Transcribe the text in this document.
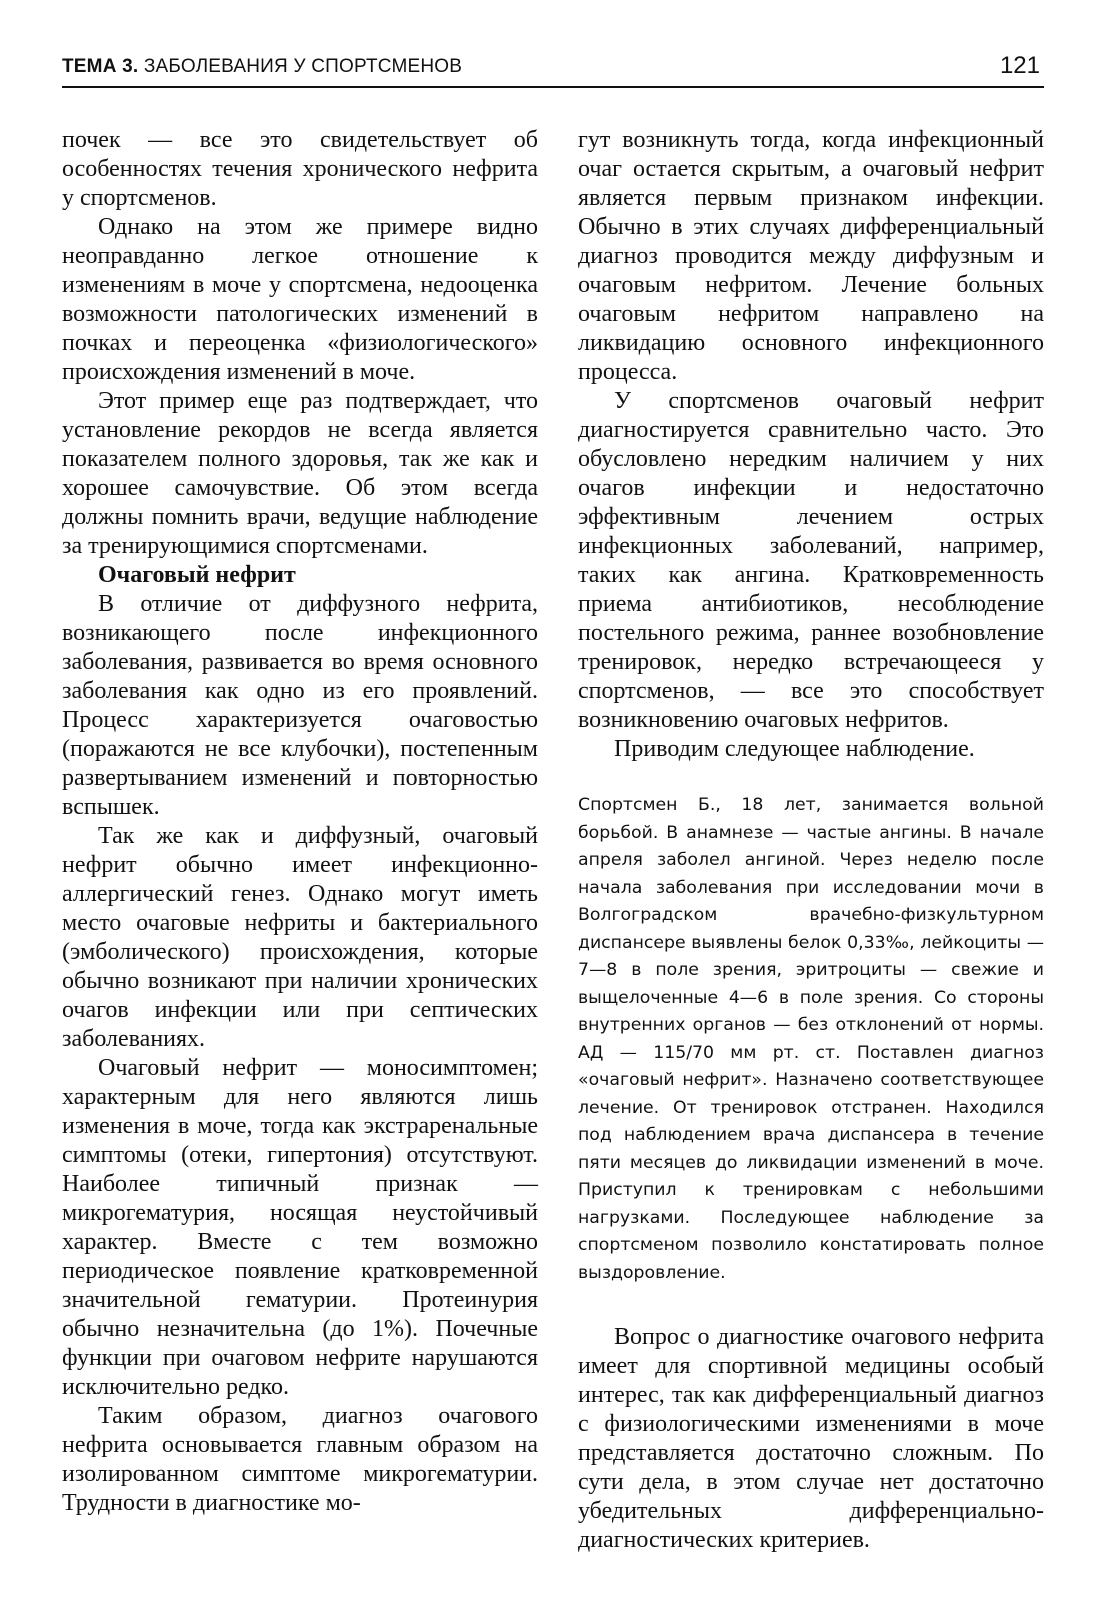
ТЕМА 3. ЗАБОЛЕВАНИЯ У СПОРТСМЕНОВ	121

почек — все это свидетельствует об особенностях течения хронического нефрита у спортсменов.

Однако на этом же примере видно неоправданно легкое отношение к изменениям в моче у спортсмена, недооценка возможности патологических изменений в почках и переоценка «физиологического» происхождения изменений в моче.

Этот пример еще раз подтверждает, что установление рекордов не всегда является показателем полного здоровья, так же как и хорошее самочувствие. Об этом всегда должны помнить врачи, ведущие наблюдение за тренирующимися спортсменами.

Очаговый нефрит

В отличие от диффузного нефрита, возникающего после инфекционного заболевания, развивается во время основного заболевания как одно из его проявлений. Процесс характеризуется очаговостью (поражаются не все клубочки), постепенным развертыванием изменений и повторностью вспышек.

Так же как и диффузный, очаговый нефрит обычно имеет инфекционно-аллергический генез. Однако могут иметь место очаговые нефриты и бактериального (эмболического) происхождения, которые обычно возникают при наличии хронических очагов инфекции или при септических заболеваниях.

Очаговый нефрит — моносимптомен; характерным для него являются лишь изменения в моче, тогда как экстраренальные симптомы (отеки, гипертония) отсутствуют. Наиболее типичный признак — микрогематурия, носящая неустойчивый характер. Вместе с тем возможно периодическое появление кратковременной значительной гематурии. Протеинурия обычно незначительна (до 1%). Почечные функции при очаговом нефрите нарушаются исключительно редко.

Таким образом, диагноз очагового нефрита основывается главным образом на изолированном симптоме микрогематурии. Трудности в диагностике мо-

гут возникнуть тогда, когда инфекционный очаг остается скрытым, а очаговый нефрит является первым признаком инфекции. Обычно в этих случаях дифференциальный диагноз проводится между диффузным и очаговым нефритом. Лечение больных очаговым нефритом направлено на ликвидацию основного инфекционного процесса.

У спортсменов очаговый нефрит диагностируется сравнительно часто. Это обусловлено нередким наличием у них очагов инфекции и недостаточно эффективным лечением острых инфекционных заболеваний, например, таких как ангина. Кратковременность приема антибиотиков, несоблюдение постельного режима, раннее возобновление тренировок, нередко встречающееся у спортсменов, — все это способствует возникновению очаговых нефритов.

Приводим следующее наблюдение.

Спортсмен Б., 18 лет, занимается вольной борьбой. В анамнезе — частые ангины. В начале апреля заболел ангиной. Через неделю после начала заболевания при исследовании мочи в Волгоградском врачебно-физкультурном диспансере выявлены белок 0,33‰, лейкоциты — 7—8 в поле зрения, эритроциты — свежие и выщелоченные 4—6 в поле зрения. Со стороны внутренних органов — без отклонений от нормы. АД — 115/70 мм рт. ст. Поставлен диагноз «очаговый нефрит». Назначено соответствующее лечение. От тренировок отстранен. Находился под наблюдением врача диспансера в течение пяти месяцев до ликвидации изменений в моче. Приступил к тренировкам с небольшими нагрузками. Последующее наблюдение за спортсменом позволило констатировать полное выздоровление.

Вопрос о диагностике очагового нефрита имеет для спортивной медицины особый интерес, так как дифференциальный диагноз с физиологическими изменениями в моче представляется достаточно сложным. По сути дела, в этом случае нет достаточно убедительных дифференциально-диагностических критериев.
